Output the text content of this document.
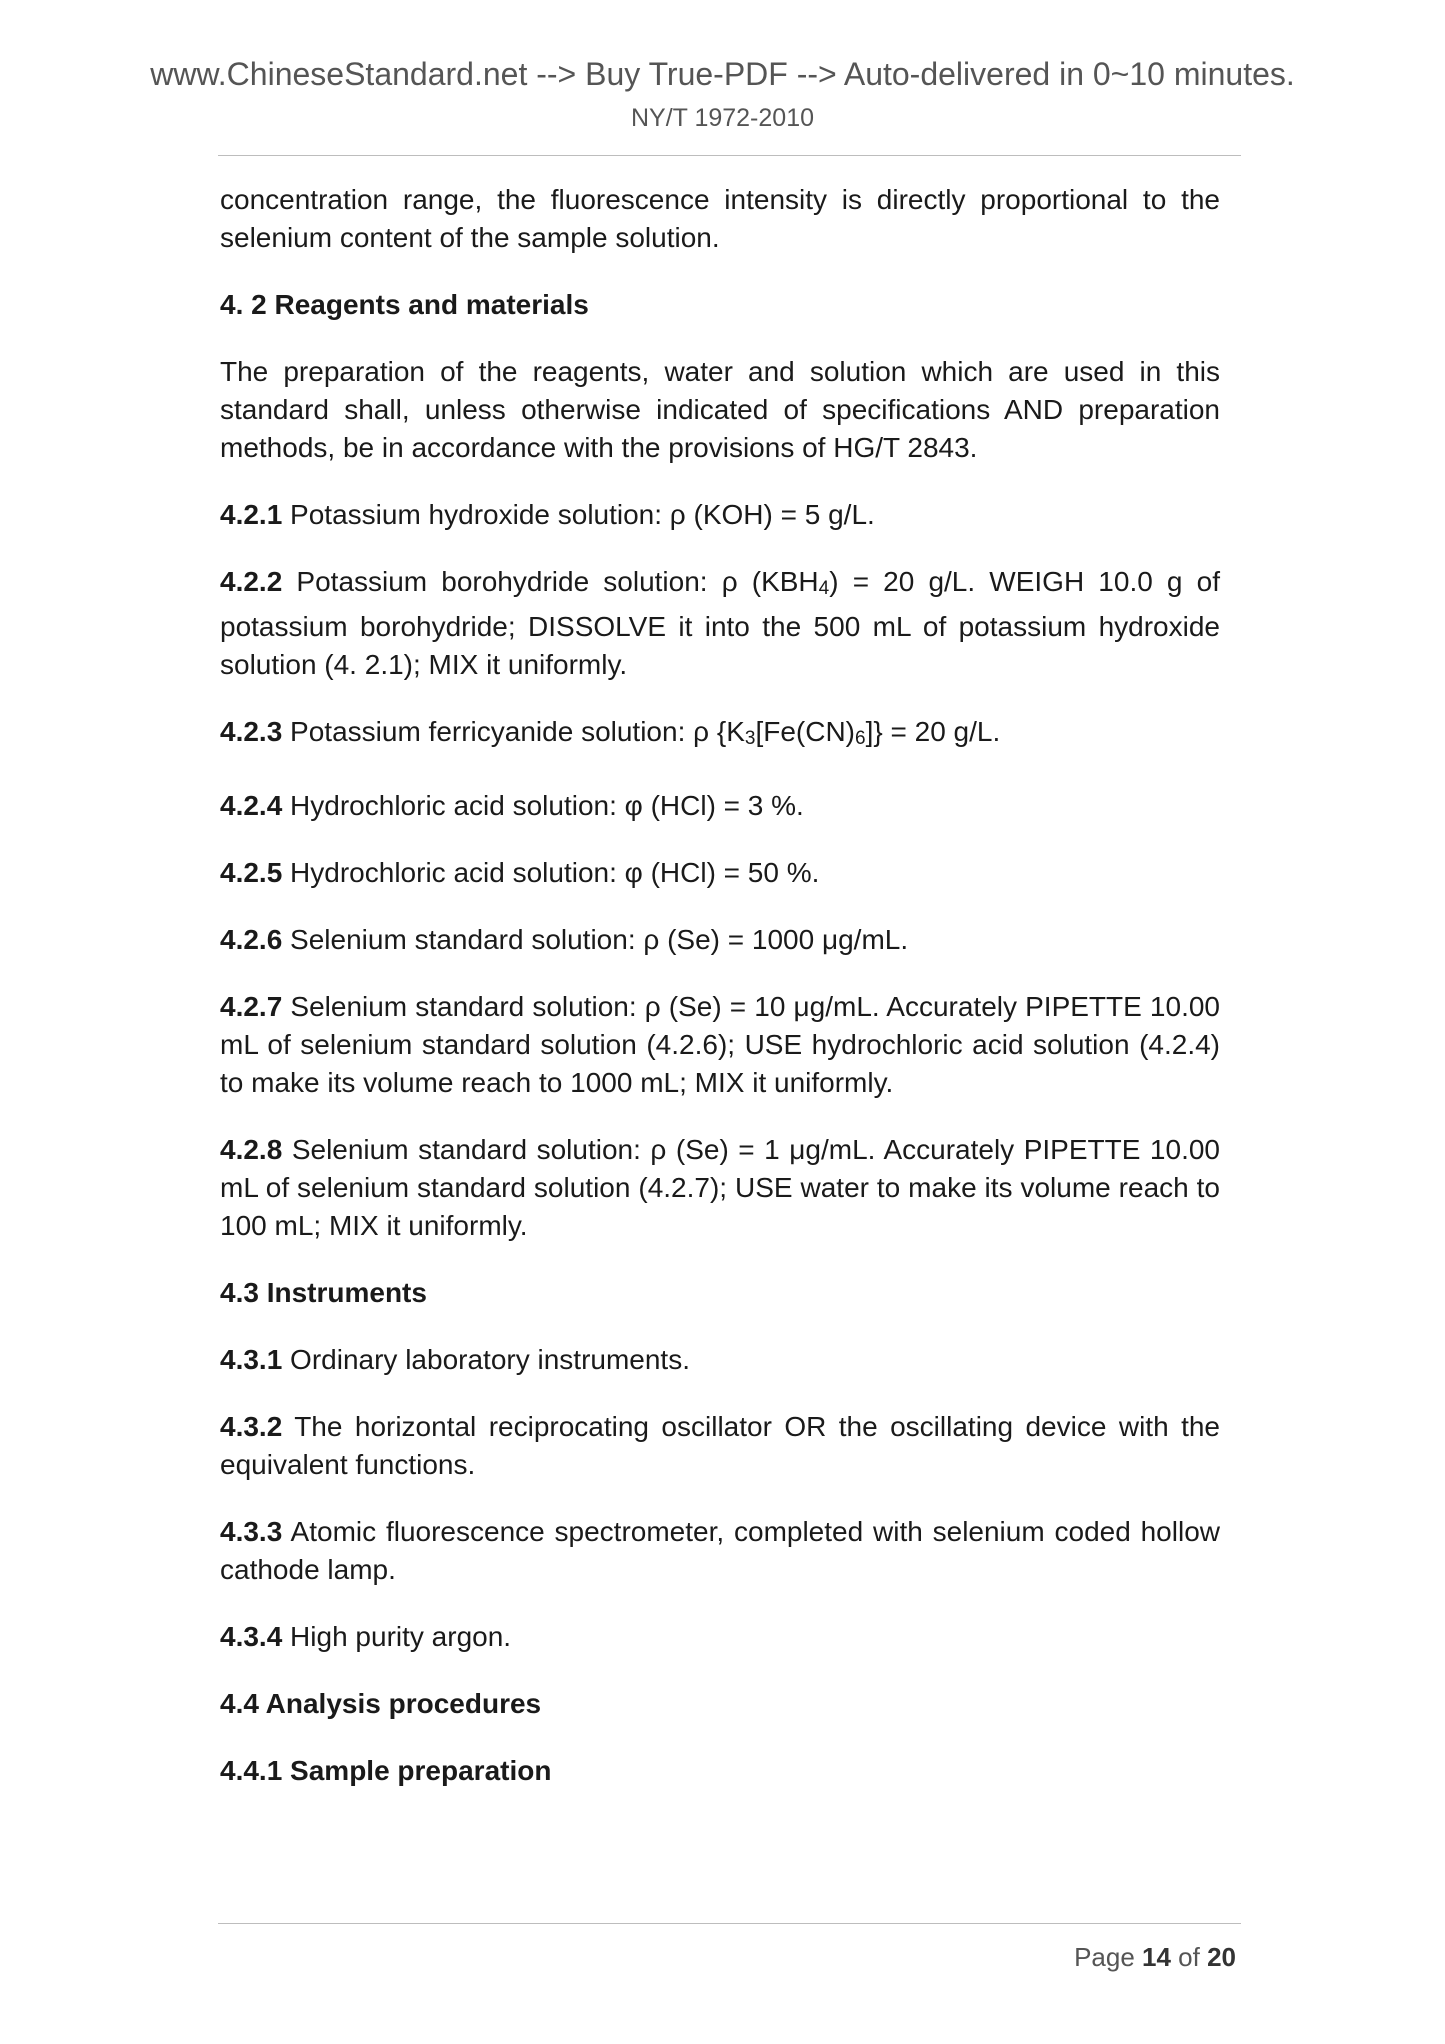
www.ChineseStandard.net --> Buy True-PDF --> Auto-delivered in 0~10 minutes.
NY/T 1972-2010

concentration range, the fluorescence intensity is directly proportional to the selenium content of the sample solution.

4. 2 Reagents and materials

The preparation of the reagents, water and solution which are used in this standard shall, unless otherwise indicated of specifications AND preparation methods, be in accordance with the provisions of HG/T 2843.

4.2.1 Potassium hydroxide solution: ρ (KOH) = 5 g/L.

4.2.2 Potassium borohydride solution: ρ (KBH4) = 20 g/L. WEIGH 10.0 g of potassium borohydride; DISSOLVE it into the 500 mL of potassium hydroxide solution (4. 2.1); MIX it uniformly.

4.2.3 Potassium ferricyanide solution: ρ {K3[Fe(CN)6]} = 20 g/L.

4.2.4 Hydrochloric acid solution: φ (HCl) = 3 %.

4.2.5 Hydrochloric acid solution: φ (HCl) = 50 %.

4.2.6 Selenium standard solution: ρ (Se) = 1000 μg/mL.

4.2.7 Selenium standard solution: ρ (Se) = 10 μg/mL. Accurately PIPETTE 10.00 mL of selenium standard solution (4.2.6); USE hydrochloric acid solution (4.2.4) to make its volume reach to 1000 mL; MIX it uniformly.

4.2.8 Selenium standard solution: ρ (Se) = 1 μg/mL. Accurately PIPETTE 10.00 mL of selenium standard solution (4.2.7); USE water to make its volume reach to 100 mL; MIX it uniformly.

4.3 Instruments

4.3.1 Ordinary laboratory instruments.

4.3.2 The horizontal reciprocating oscillator OR the oscillating device with the equivalent functions.

4.3.3 Atomic fluorescence spectrometer, completed with selenium coded hollow cathode lamp.

4.3.4 High purity argon.

4.4 Analysis procedures
4.4.1 Sample preparation
Page 14 of 20
